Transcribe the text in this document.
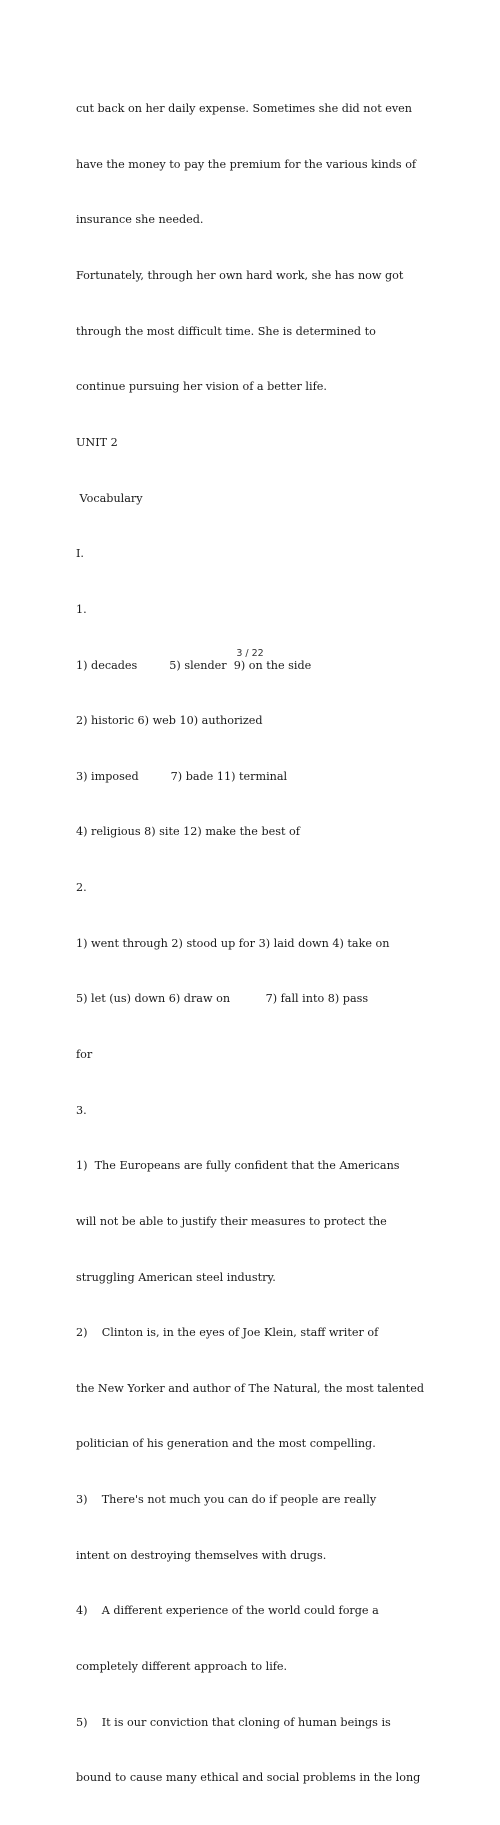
cut back on her daily expense. Sometimes she did not even

have the money to pay the premium for the various kinds of

insurance she needed.

Fortunately, through her own hard work, she has now got

through the most difficult time. She is determined to

continue pursuing her vision of a better life.

UNIT 2

Vocabulary

I.

1.

1) decades         5) slender  9) on the side

2) historic 6) web 10) authorized

3) imposed         7) bade 11) terminal

4) religious 8) site 12) make the best of

2.

1) went through 2) stood up for 3) laid down 4) take on

5) let (us) down 6) draw on          7) fall into 8) pass

for

3.

1)  The Europeans are fully confident that the Americans

will not be able to justify their measures to protect the

struggling American steel industry.

2)    Clinton is, in the eyes of Joe Klein, staff writer of

the New Yorker and author of The Natural, the most talented

politician of his generation and the most compelling.

3)    There's not much you can do if people are really

intent on destroying themselves with drugs.

4)    A different experience of the world could forge a

completely different approach to life.

5)    It is our conviction that cloning of human beings is

bound to cause many ethical and social problems in the long

3 / 22
